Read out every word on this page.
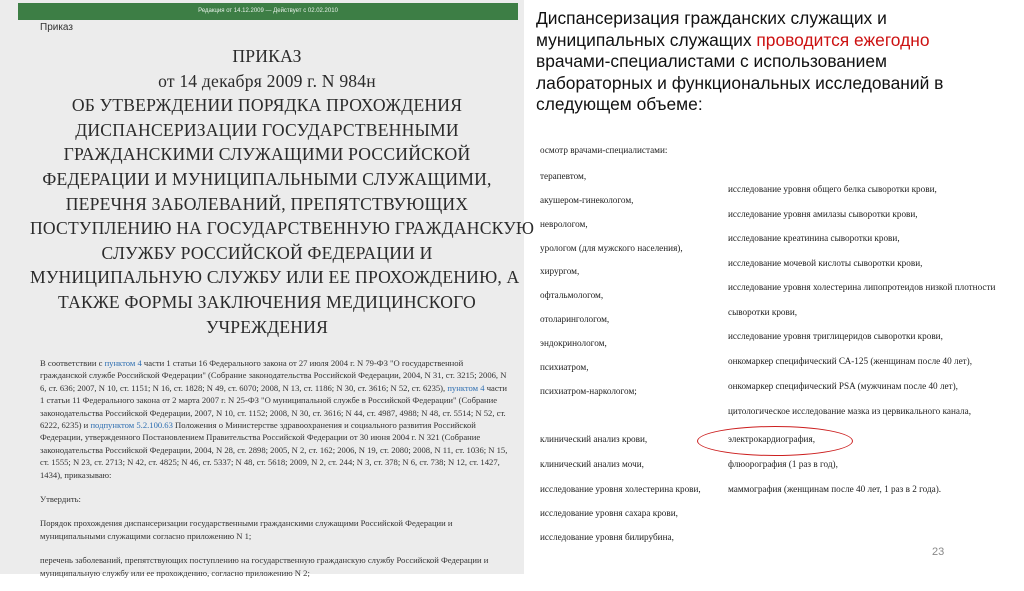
Редакция от 14.12.2009 — Действует с 02.02.2010
Приказ
ПРИКАЗ
от 14 декабря 2009 г. N 984н
ОБ УТВЕРЖДЕНИИ ПОРЯДКА ПРОХОЖДЕНИЯ
ДИСПАНСЕРИЗАЦИИ ГОСУДАРСТВЕННЫМИ
ГРАЖДАНСКИМИ СЛУЖАЩИМИ РОССИЙСКОЙ
ФЕДЕРАЦИИ И МУНИЦИПАЛЬНЫМИ СЛУЖАЩИМИ,
ПЕРЕЧНЯ ЗАБОЛЕВАНИЙ, ПРЕПЯТСТВУЮЩИХ
ПОСТУПЛЕНИЮ НА ГОСУДАРСТВЕННУЮ ГРАЖДАНСКУЮ
СЛУЖБУ РОССИЙСКОЙ ФЕДЕРАЦИИ И
МУНИЦИПАЛЬНУЮ СЛУЖБУ ИЛИ ЕЕ ПРОХОЖДЕНИЮ, А
ТАКЖЕ ФОРМЫ ЗАКЛЮЧЕНИЯ МЕДИЦИНСКОГО
УЧРЕЖДЕНИЯ

В соответствии с пунктом 4 части 1 статьи 16 Федерального закона от 27 июля 2004 г. N 79-ФЗ "О государственной гражданской службе Российской Федерации" (Собрание законодательства Российской Федерации, 2004, N 31, ст. 3215; 2006, N 6, ст. 636; 2007, N 10, ст. 1151; N 16, ст. 1828; N 49, ст. 6070; 2008, N 13, ст. 1186; N 30, ст. 3616; N 52, ст. 6235), пунктом 4 части 1 статьи 11 Федерального закона от 2 марта 2007 г. N 25-ФЗ "О муниципальной службе в Российской Федерации" (Собрание законодательства Российской Федерации, 2007, N 10, ст. 1152; 2008, N 30, ст. 3616; N 44, ст. 4987, 4988; N 48, ст. 5514; N 52, ст. 6222, 6235) и подпунктом 5.2.100.63 Положения о Министерстве здравоохранения и социального развития Российской Федерации, утвержденного Постановлением Правительства Российской Федерации от 30 июня 2004 г. N 321 (Собрание законодательства Российской Федерации, 2004, N 28, ст. 2898; 2005, N 2, ст. 162; 2006, N 19, ст. 2080; 2008, N 11, ст. 1036; N 15, ст. 1555; N 23, ст. 2713; N 42, ст. 4825; N 46, ст. 5337; N 48, ст. 5618; 2009, N 2, ст. 244; N 3, ст. 378; N 6, ст. 738; N 12, ст. 1427, 1434), приказываю:

Утвердить:

Порядок прохождения диспансеризации государственными гражданскими служащими Российской Федерации и муниципальными служащими согласно приложению N 1;

перечень заболеваний, препятствующих поступлению на государственную гражданскую службу Российской Федерации и муниципальную службу или ее прохождению, согласно приложению N 2;

Диспансеризация гражданских служащих и
муниципальных служащих проводится ежегодно
врачами-специалистами с использованием
лабораторных и функциональных исследований в
следующем объеме:
осмотр врачами-специалистами:
терапевтом,
акушером-гинекологом,
неврологом,
урологом (для мужского населения),
хирургом,
офтальмологом,
отоларингологом,
эндокринологом,
психиатром,
психиатром-наркологом;
клинический анализ крови,
клинический анализ мочи,
исследование уровня холестерина крови,
исследование уровня сахара крови,
исследование уровня билирубина,
исследование уровня общего белка сыворотки крови,
исследование уровня амилазы сыворотки крови,
исследование креатинина сыворотки крови,
исследование мочевой кислоты сыворотки крови,
исследование уровня холестерина липопротеидов низкой плотности
сыворотки крови,
исследование уровня триглицеридов сыворотки крови,
онкомаркер специфический СА-125 (женщинам после 40 лет),
онкомаркер специфический PSA (мужчинам после 40 лет),
цитологическое исследование мазка из цервикального канала,
электрокардиография,
флюорография (1 раз в год),
маммография (женщинам после 40 лет, 1 раз в 2 года).
23
